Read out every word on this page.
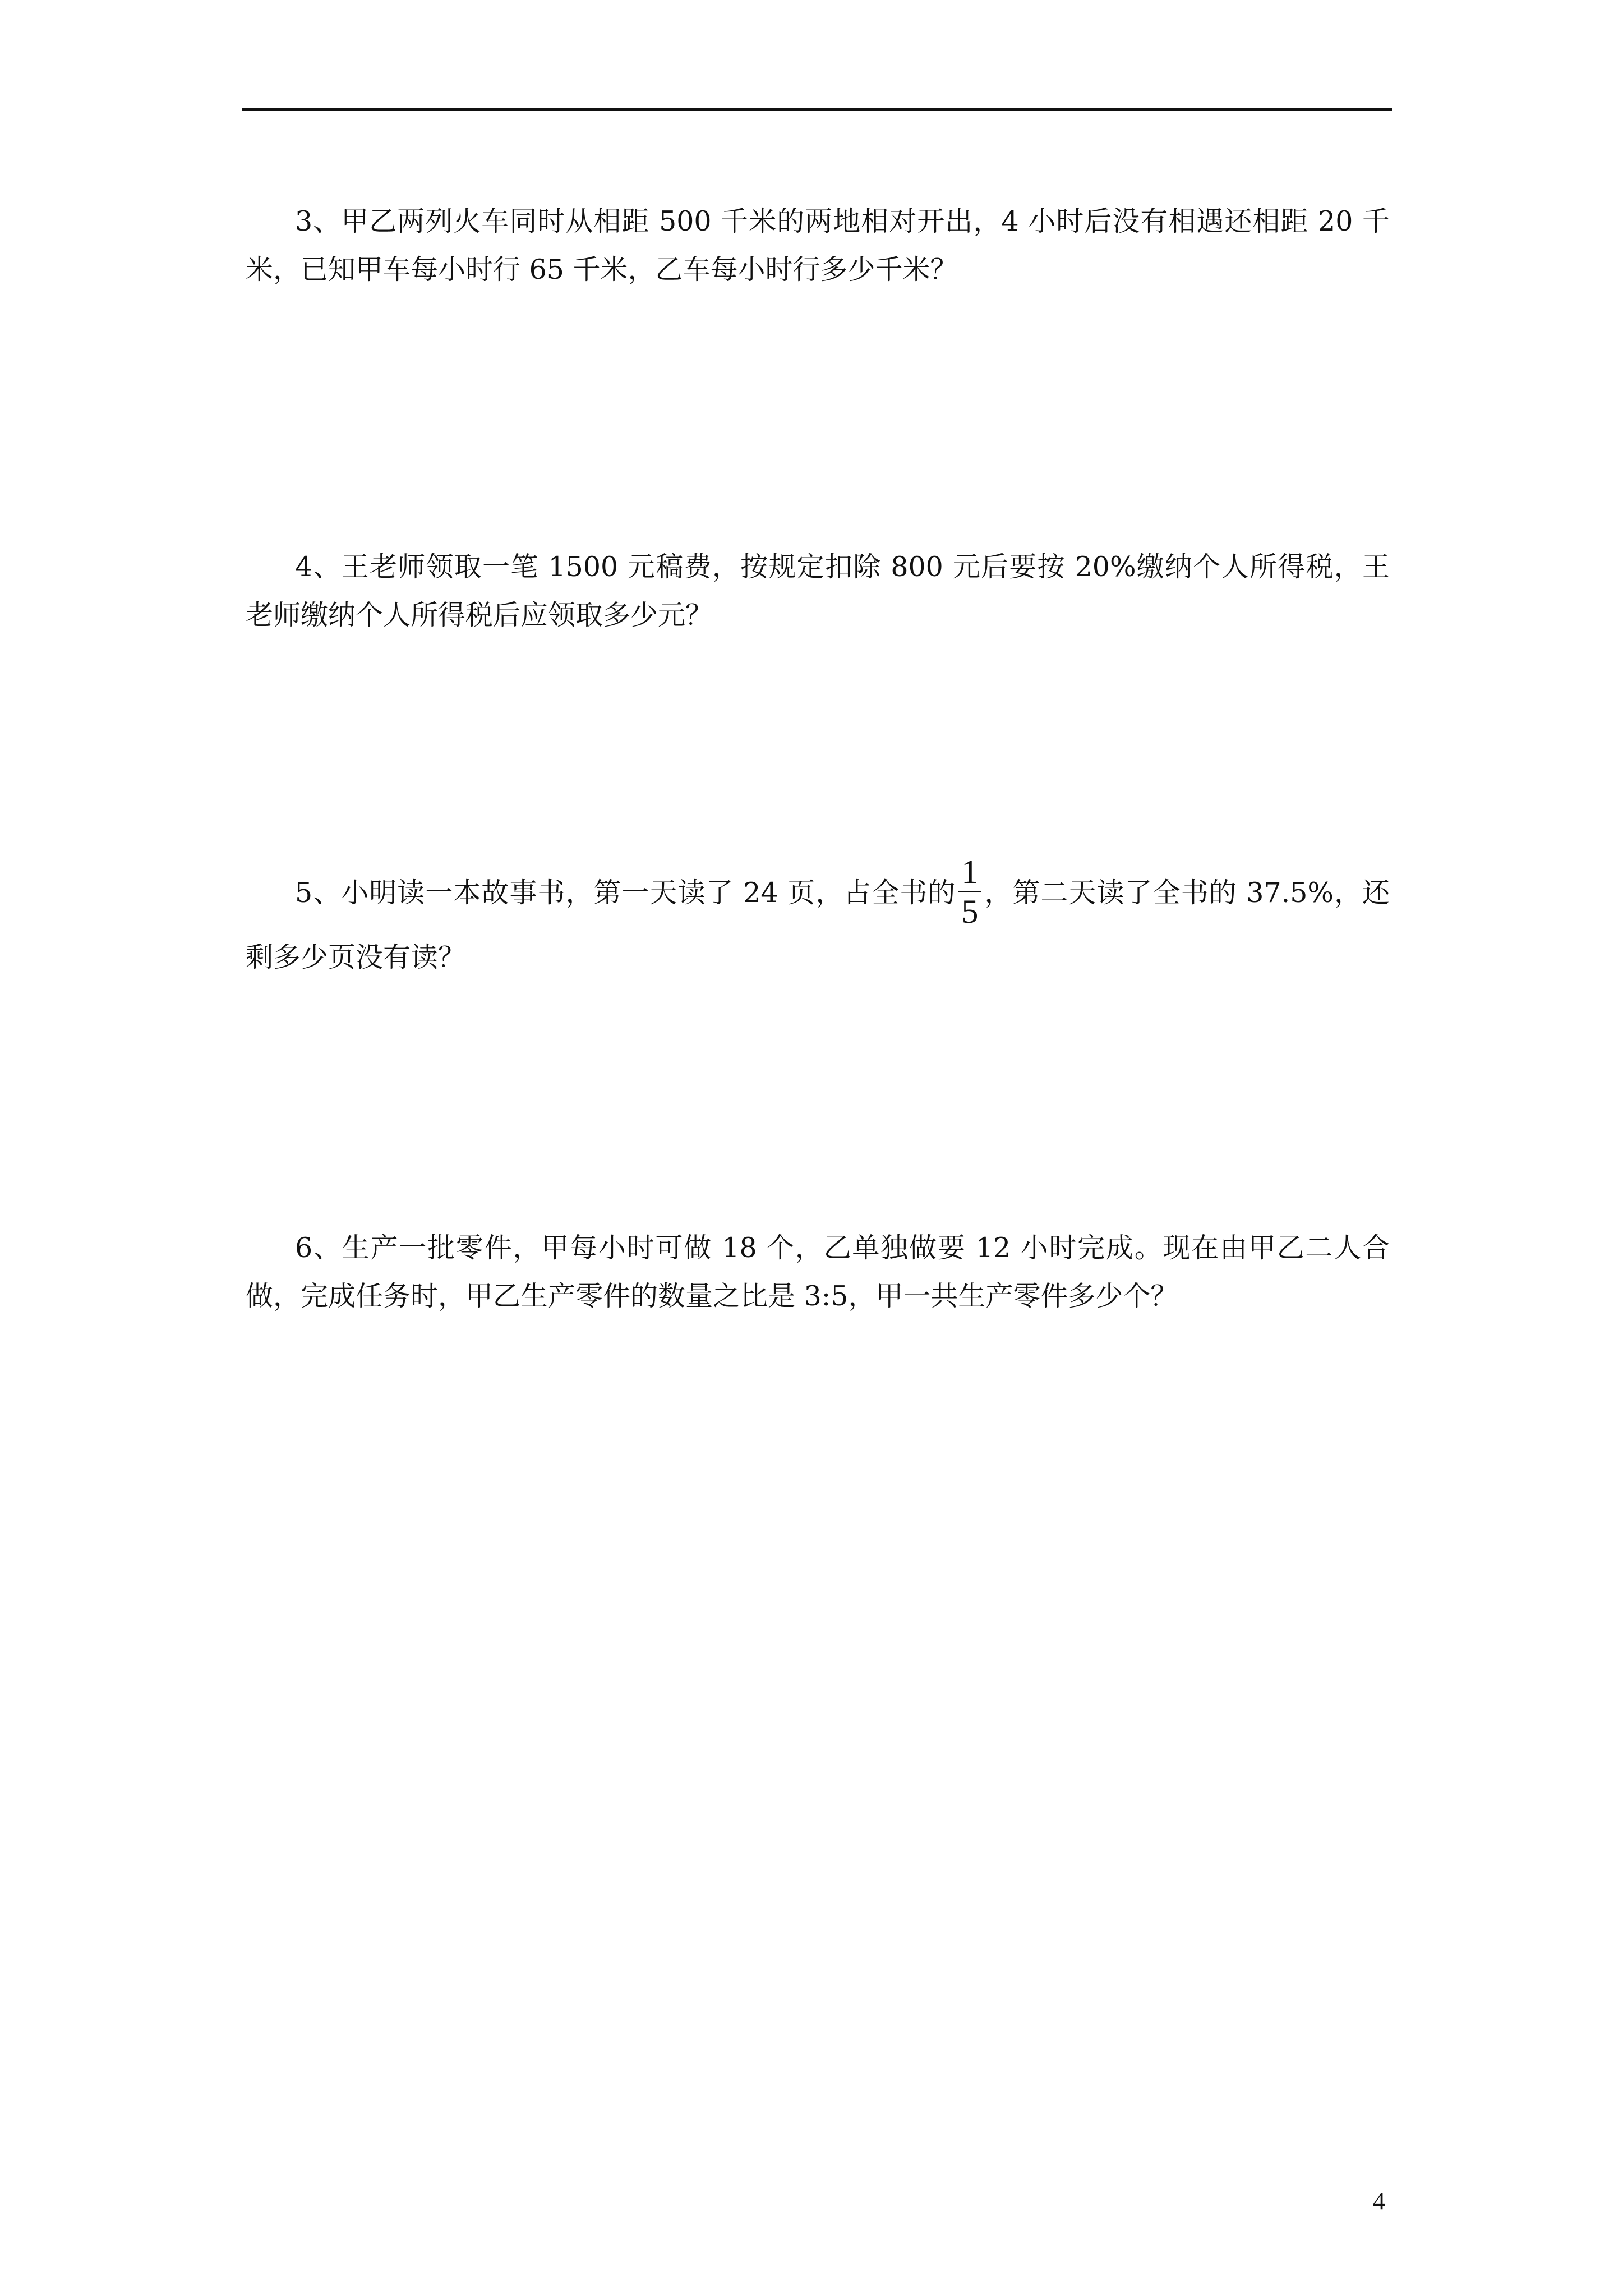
3、甲乙两列火车同时从相距 500 千米的两地相对开出，4 小时后没有相遇还相距 20 千米，已知甲车每小时行 65 千米，乙车每小时行多少千米？

4、王老师领取一笔 1500 元稿费，按规定扣除 800 元后要按 20%缴纳个人所得税，王老师缴纳个人所得税后应领取多少元？

5、小明读一本故事书，第一天读了 24 页，占全书的 $\frac{1}{5}$ ，第二天读了全书的 37.5%，还剩多少页没有读？

6、生产一批零件，甲每小时可做 18 个，乙单独做要 12 小时完成。现在由甲乙二人合做，完成任务时，甲乙生产零件的数量之比是 3:5，甲一共生产零件多少个？

4
